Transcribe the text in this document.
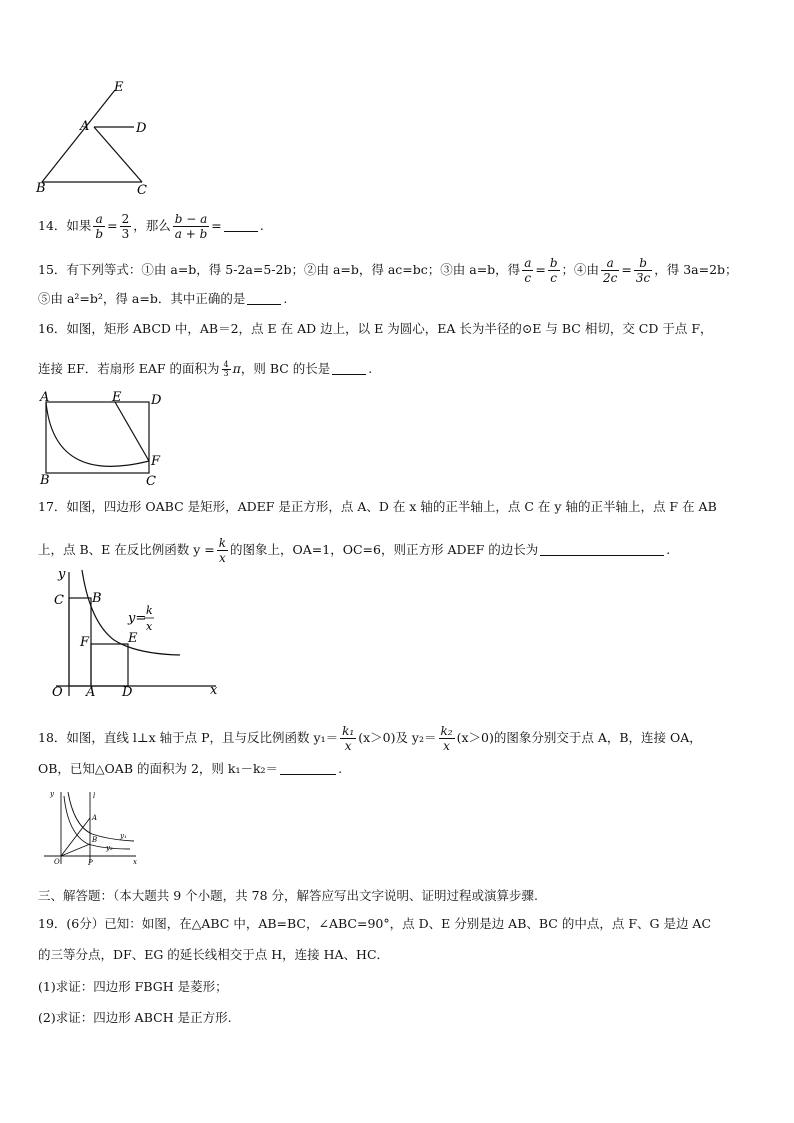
E
A	D
B	C
14．如果 $\frac{a}{b} = \frac{2}{3}$ ，那么 $\frac{b - a}{a + b}$ =	.
15．有下列等式：①由 a=b，得 5-2a=5-2b；②由 a=b，得 ac=bc；③由 a=b，得 $\frac{a}{c} = \frac{b}{c}$ ；④由 $\frac{a}{2c} = \frac{b}{3c}$ ，得 3a=2b；
⑤由 a²=b²，得 a=b．其中正确的是	.
16．如图，矩形 ABCD 中，AB＝2，点 E 在 AD 边上，以 E 为圆心，EA 长为半径的⊙E 与 BC 相切，交 CD 于点 F，
连接 EF．若扇形 EAF 的面积为 $\frac{4}{3}$ π，则 BC 的长是	.
A	E D
B	C
F
17．如图，四边形 OABC 是矩形，ADEF 是正方形，点 A、D 在 x 轴的正半轴上，点 C 在 y 轴的正半轴上，点 F 在 AB
上，点 B、E 在反比例函数 $y = \frac{k}{x}$ 的图象上，OA=1，OC=6，则正方形 ADEF 的边长为	.
y
x
O A D
C B
F	E
y=
k
x
18．如图，直线 l⊥x 轴于点 P，且与反比例函数 $y_1= \frac{\text{k₁}}{x} (x>0)$及 $y_2= \frac{\text{k₂}}{x} (x>0)$的图象分别交于点 A，B，连接 OA，
OB，已知△OAB 的面积为 2，则 k₁－k₂＝	.
y	l
A
B	y₁
y₂
O	P	x
三、解答题：（本大题共 9 个小题，共 78 分，解答应写出文字说明、证明过程或演算步骤.
19．(6分）已知：如图，在△ABC 中，AB=BC，∠ABC=90°，点 D、E 分别是边 AB、BC 的中点，点 F、G 是边 AC
的三等分点，DF、EG 的延长线相交于点 H，连接 HA、HC．
(1)求证：四边形 FBGH 是菱形；
(2)求证：四边形 ABCH 是正方形.
